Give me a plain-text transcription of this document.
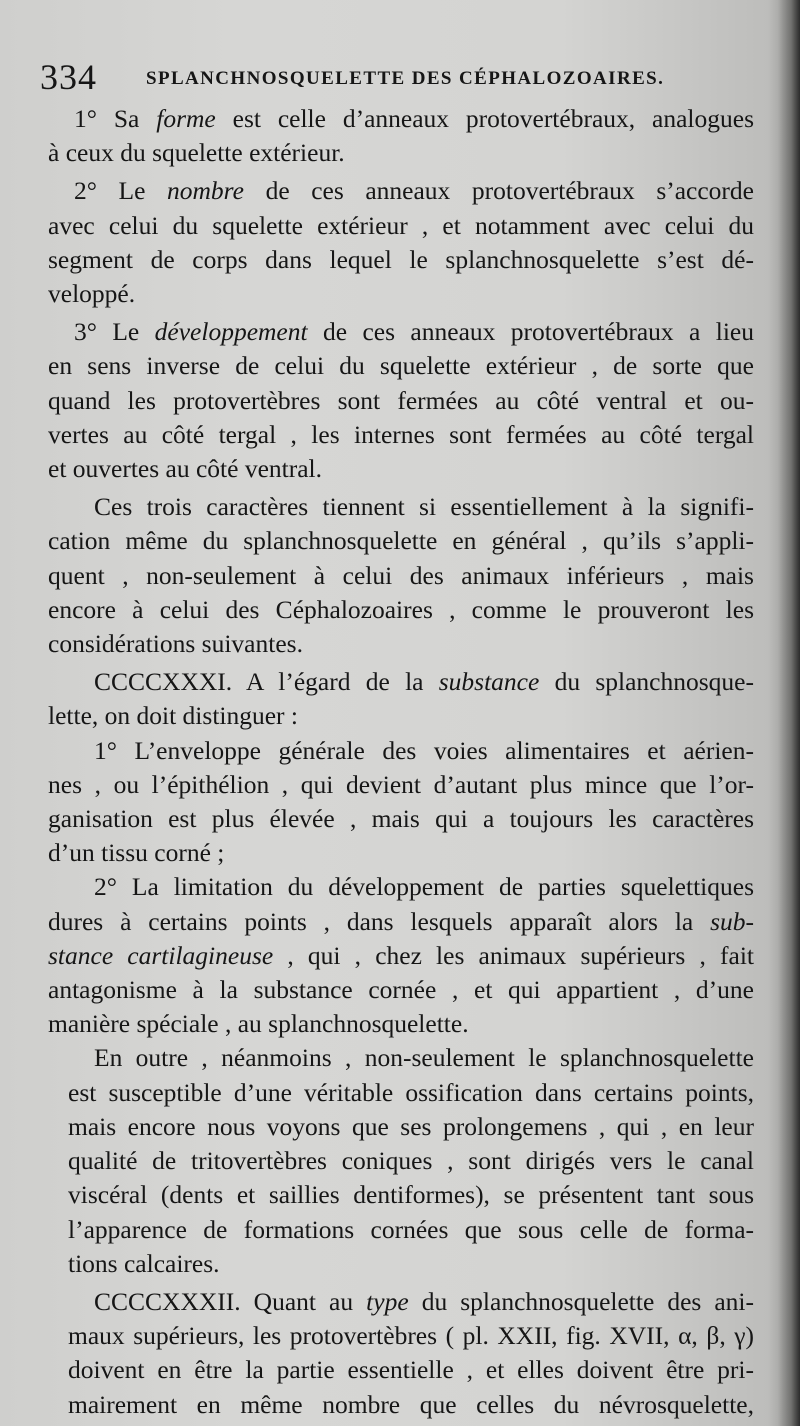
334	SPLANCHNOSQUELETTE DES CÉPHALOZOAIRES.
1° Sa forme est celle d’anneaux protovertébraux, analogues
à ceux du squelette extérieur.
2° Le nombre de ces anneaux protovertébraux s’accorde
avec celui du squelette extérieur , et notamment avec celui du
segment de corps dans lequel le splanchnosquelette s’est dé-
veloppé.
3° Le développement de ces anneaux protovertébraux a lieu
en sens inverse de celui du squelette extérieur , de sorte que
quand les protovertèbres sont fermées au côté ventral et ou-
vertes au côté tergal , les internes sont fermées au côté tergal
et ouvertes au côté ventral.
Ces trois caractères tiennent si essentiellement à la signifi-
cation même du splanchnosquelette en général , qu’ils s’appli-
quent , non-seulement à celui des animaux inférieurs , mais
encore à celui des Céphalozoaires , comme le prouveront les
considérations suivantes.
CCCCXXXI. A l’égard de la substance du splanchnosque-
lette, on doit distinguer :
1° L’enveloppe générale des voies alimentaires et aérien-
nes , ou l’épithélion , qui devient d’autant plus mince que l’or-
ganisation est plus élevée , mais qui a toujours les caractères
d’un tissu corné ;
2° La limitation du développement de parties squelettiques
dures à certains points , dans lesquels apparaît alors la sub-
stance cartilagineuse , qui , chez les animaux supérieurs , fait
antagonisme à la substance cornée , et qui appartient , d’une
manière spéciale , au splanchnosquelette.
En outre , néanmoins , non-seulement le splanchnosquelette
est susceptible d’une véritable ossification dans certains points,
mais encore nous voyons que ses prolongemens , qui , en leur
qualité de tritovertèbres coniques , sont dirigés vers le canal
viscéral (dents et saillies dentiformes), se présentent tant sous
l’apparence de formations cornées que sous celle de forma-
tions calcaires.
CCCCXXXII. Quant au type du splanchnosquelette des ani-
maux supérieurs, les protovertèbres ( pl. XXII, fig. XVII, α, β, γ)
doivent en être la partie essentielle , et elles doivent être pri-
mairement en même nombre que celles du névrosquelette,
